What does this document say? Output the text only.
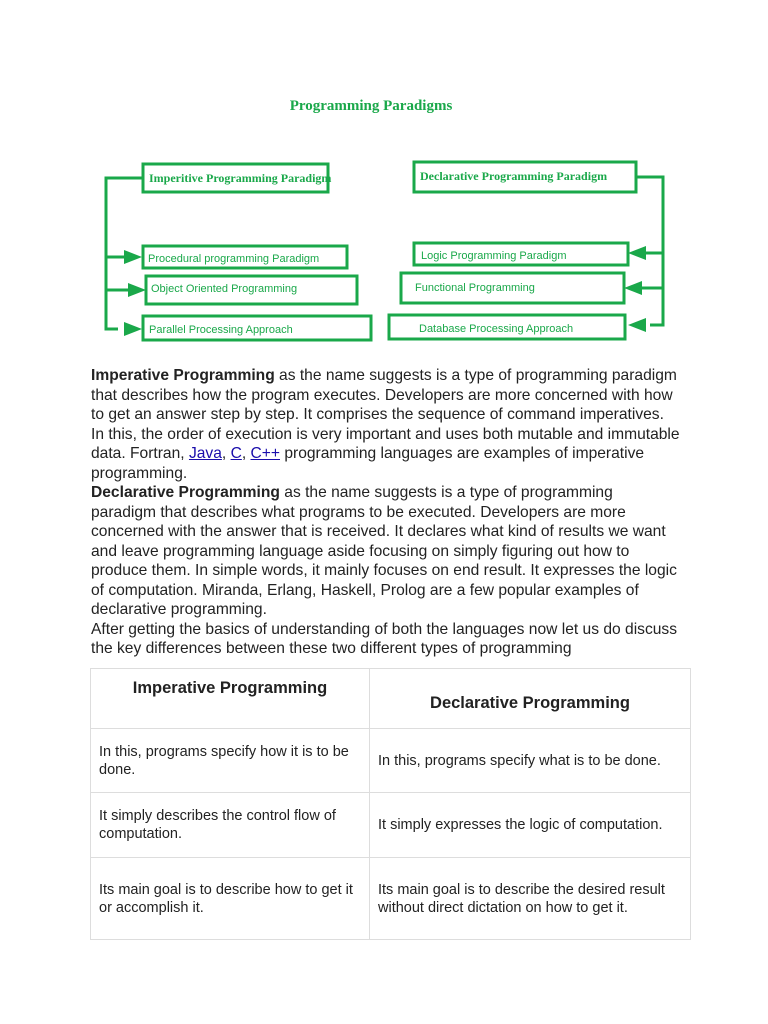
Programming Paradigms
Imperitive Programming Paradigm
Procedural programming Paradigm
Object Oriented Programming
Parallel Processing Approach
Declarative Programming Paradigm
Logic Programming Paradigm
Functional Programming
Database Processing Approach

Imperative Programming as the name suggests is a type of programming paradigm that describes how the program executes. Developers are more concerned with how to get an answer step by step. It comprises the sequence of command imperatives. In this, the order of execution is very important and uses both mutable and immutable data. Fortran, Java, C, C++ programming languages are examples of imperative programming.

Declarative Programming as the name suggests is a type of programming paradigm that describes what programs to be executed. Developers are more concerned with the answer that is received. It declares what kind of results we want and leave programming language aside focusing on simply figuring out how to produce them. In simple words, it mainly focuses on end result. It expresses the logic of computation. Miranda, Erlang, Haskell, Prolog are a few popular examples of declarative programming.

After getting the basics of understanding of both the languages now let us do discuss the key differences between these two different types of programming

Imperative Programming	Declarative Programming
In this, programs specify how it is to be done.	In this, programs specify what is to be done.
It simply describes the control flow of computation.	It simply expresses the logic of computation.
Its main goal is to describe how to get it or accomplish it.	Its main goal is to describe the desired result without direct dictation on how to get it.
